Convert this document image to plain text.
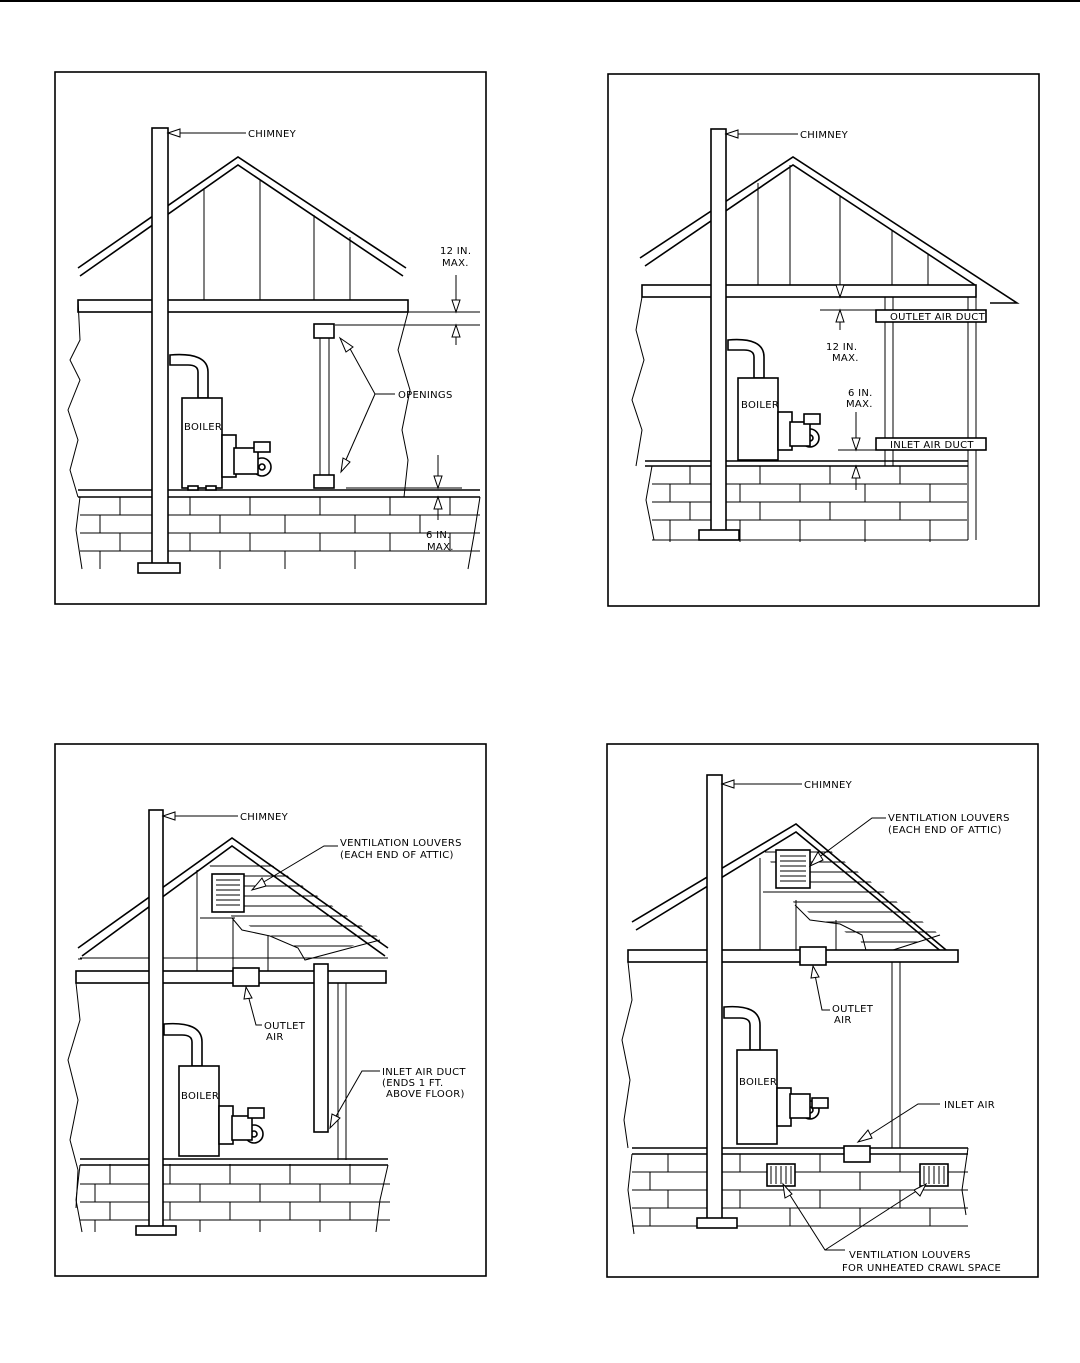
BOILER
CHIMNEY
12 IN.
MAX.
OPENINGS
6 IN.
MAX.
BOILER
OUTLET AIR DUCT
INLET AIR DUCT
12 IN.
MAX.
6 IN.
MAX.
CHIMNEY
BOILER
CHIMNEY
VENTILATION LOUVERS
(EACH END OF ATTIC)
OUTLET
AIR
INLET AIR DUCT
(ENDS 1 FT.
ABOVE FLOOR)
BOILER
CHIMNEY
VENTILATION LOUVERS
(EACH END OF ATTIC)
OUTLET
AIR
INLET AIR
VENTILATION LOUVERS
FOR UNHEATED CRAWL SPACE
